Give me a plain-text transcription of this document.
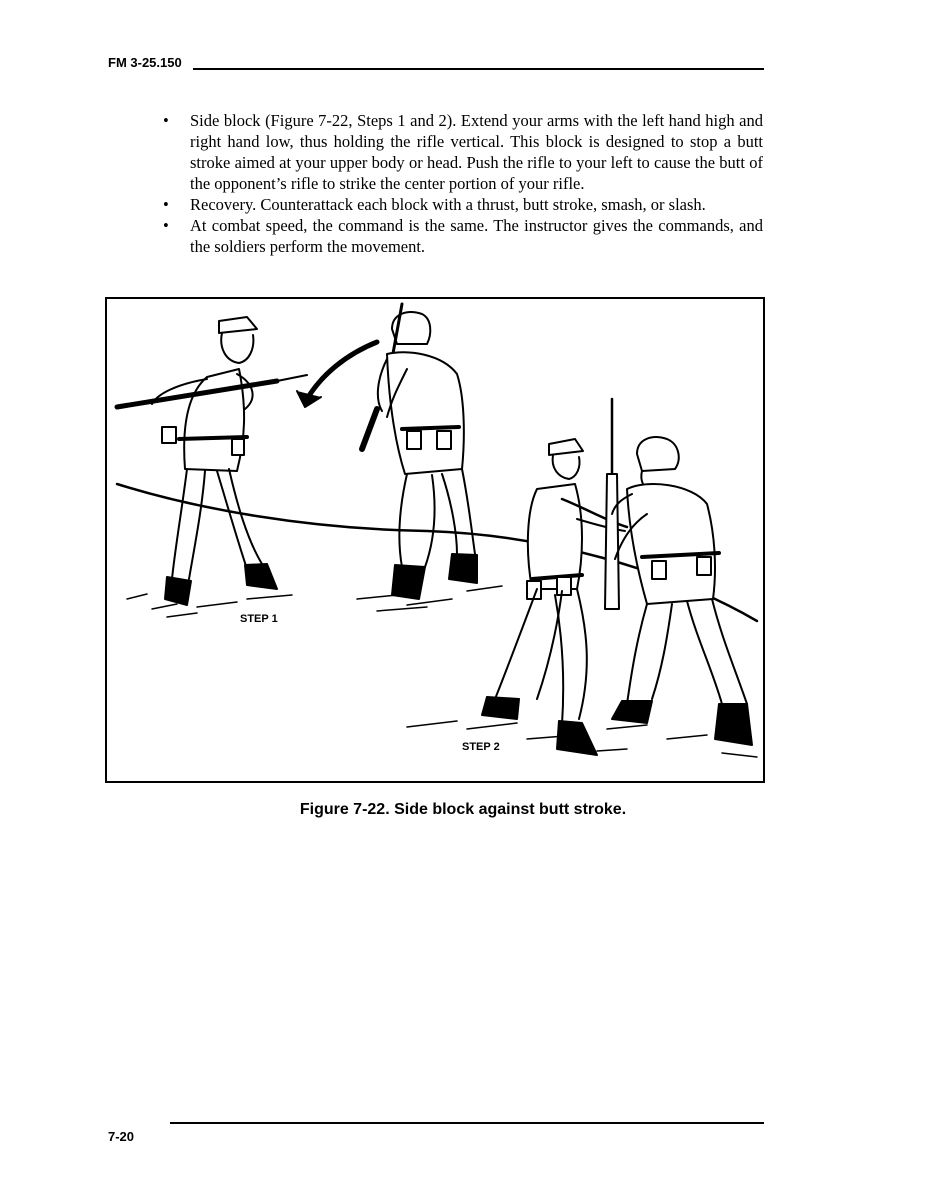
FM 3-25.150
• Side block (Figure 7-22, Steps 1 and 2). Extend your arms with the left hand high and right hand low, thus holding the rifle vertical. This block is designed to stop a butt stroke aimed at your upper body or head. Push the rifle to your left to cause the butt of the opponent’s rifle to strike the center portion of your rifle.
• Recovery. Counterattack each block with a thrust, butt stroke, smash, or slash.
• At combat speed, the command is the same. The instructor gives the commands, and the soldiers perform the movement.
STEP 1
STEP 2
Figure 7-22. Side block against butt stroke.
7-20
